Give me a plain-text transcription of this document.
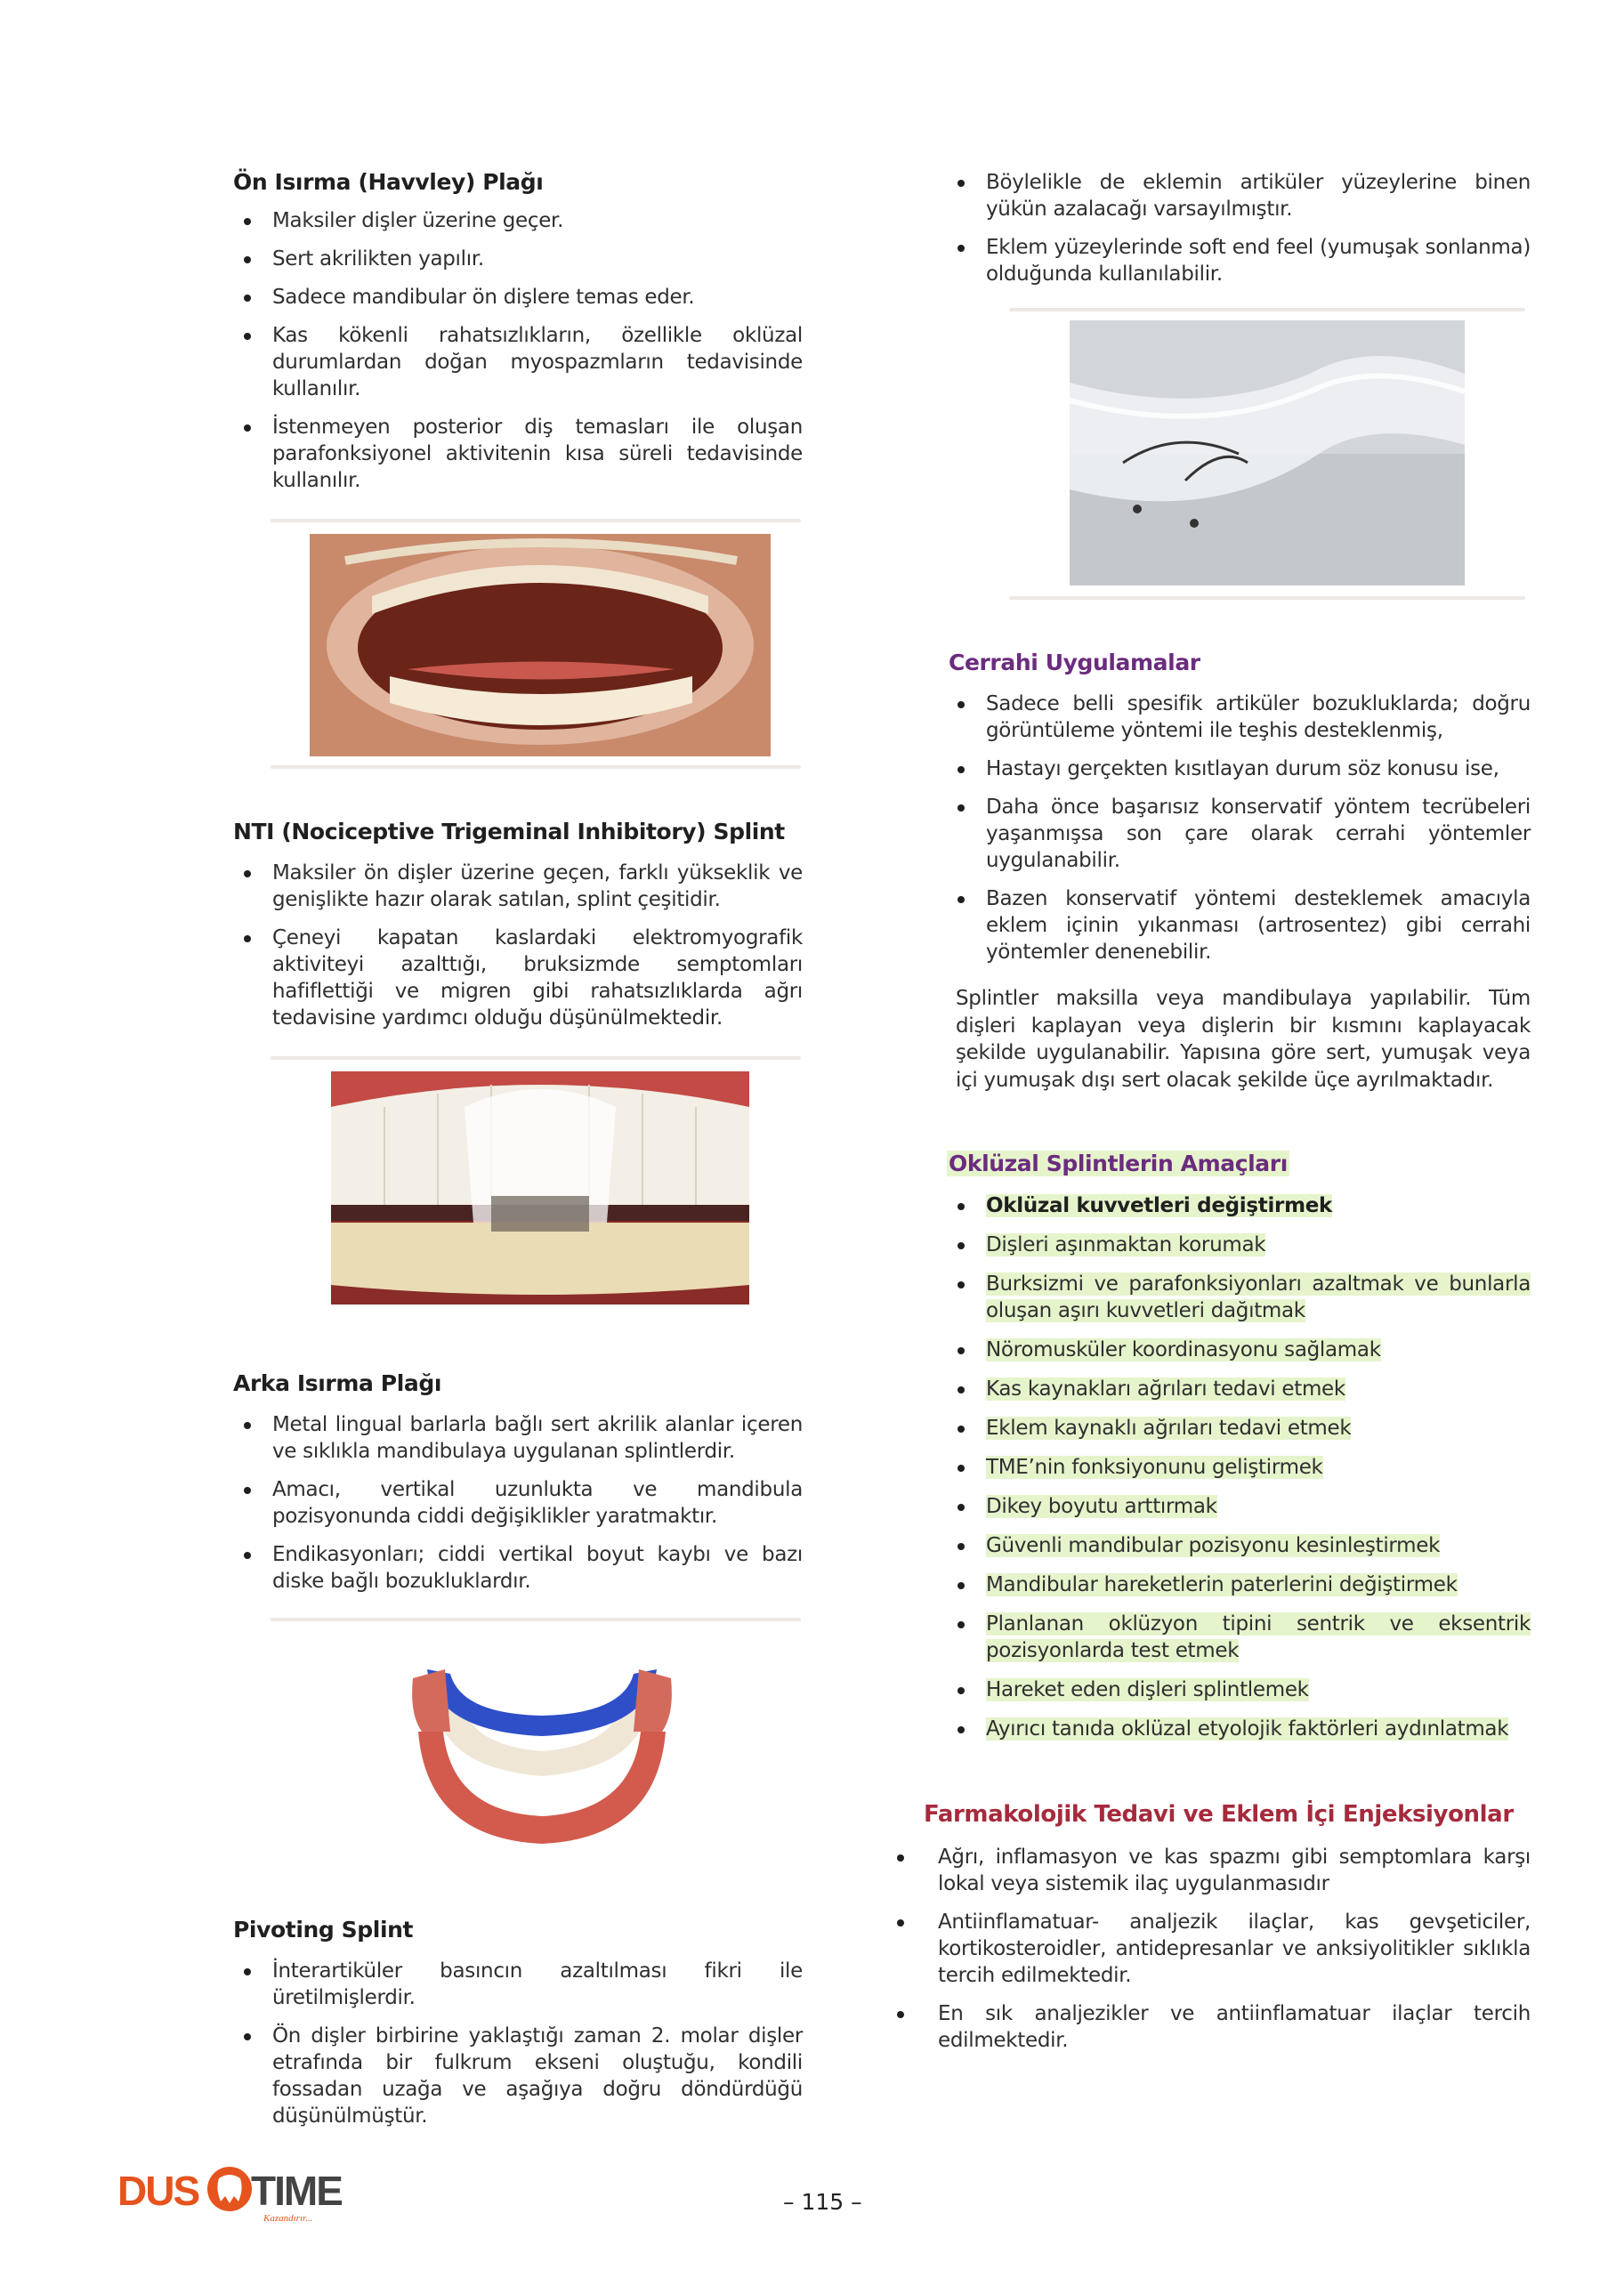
Ön Isırma (Havvley) Plağı
Maksiler dişler üzerine geçer.
Sert akrilikten yapılır.
Sadece mandibular ön dişlere temas eder.
Kas kökenli rahatsızlıkların, özellikle oklüzal durumlardan doğan myospazmların tedavisinde kullanılır.
İstenmeyen posterior diş temasları ile oluşan parafonksiyonel aktivitenin kısa süreli tedavisinde kullanılır.
NTI (Nociceptive Trigeminal Inhibitory) Splint
Maksiler ön dişler üzerine geçen, farklı yükseklik ve genişlikte hazır olarak satılan, splint çeşitidir.
Çeneyi kapatan kaslardaki elektromyografik aktiviteyi azalttığı, bruksizmde semptomları hafiflettiği ve migren gibi rahatsızlıklarda ağrı tedavisine yardımcı olduğu düşünülmektedir.
Arka Isırma Plağı
Metal lingual barlarla bağlı sert akrilik alanlar içeren ve sıklıkla mandibulaya uygulanan splintlerdir.
Amacı, vertikal uzunlukta ve mandibula pozisyonunda ciddi değişiklikler yaratmaktır.
Endikasyonları; ciddi vertikal boyut kaybı ve bazı diske bağlı bozukluklardır.
Pivoting Splint
İnterartiküler basıncın azaltılması fikri ile üretilmişlerdir.
Ön dişler birbirine yaklaştığı zaman 2. molar dişler etrafında bir fulkrum ekseni oluştuğu, kondili fossadan uzağa ve aşağıya doğru döndürdüğü düşünülmüştür.
Böylelikle de eklemin artiküler yüzeylerine binen yükün azalacağı varsayılmıştır.
Eklem yüzeylerinde soft end feel (yumuşak sonlanma) olduğunda kullanılabilir.
Cerrahi Uygulamalar
Sadece belli spesifik artiküler bozukluklarda; doğru görüntüleme yöntemi ile teşhis desteklenmiş,
Hastayı gerçekten kısıtlayan durum söz konusu ise,
Daha önce başarısız konservatif yöntem tecrübeleri yaşanmışsa son çare olarak cerrahi yöntemler uygulanabilir.
Bazen konservatif yöntemi desteklemek amacıyla eklem içinin yıkanması (artrosentez) gibi cerrahi yöntemler denenebilir.

Splintler maksilla veya mandibulaya yapılabilir. Tüm dişleri kaplayan veya dişlerin bir kısmını kaplayacak şekilde uygulanabilir. Yapısına göre sert, yumuşak veya içi yumuşak dışı sert olacak şekilde üçe ayrılmaktadır.

Oklüzal Splintlerin Amaçları
Oklüzal kuvvetleri değiştirmek
Dişleri aşınmaktan korumak
Burksizmi ve parafonksiyonları azaltmak ve bunlarla oluşan aşırı kuvvetleri dağıtmak
Nöromusküler koordinasyonu sağlamak
Kas kaynakları ağrıları tedavi etmek
Eklem kaynaklı ağrıları tedavi etmek
TME’nin fonksiyonunu geliştirmek
Dikey boyutu arttırmak
Güvenli mandibular pozisyonu kesinleştirmek
Mandibular hareketlerin paterlerini değiştirmek
Planlanan oklüzyon tipini sentrik ve eksentrik pozisyonlarda test etmek
Hareket eden dişleri splintlemek
Ayırıcı tanıda oklüzal etyolojik faktörleri aydınlatmak
Farmakolojik Tedavi ve Eklem İçi Enjeksiyonlar
Ağrı, inflamasyon ve kas spazmı gibi semptomlara karşı lokal veya sistemik ilaç uygulanmasıdır
Antiinflamatuar- analjezik ilaçlar, kas gevşeticiler, kortikosteroidler, antidepresanlar ve anksiyolitikler sıklıkla tercih edilmektedir.
En sık analjezikler ve antiinflamatuar ilaçlar tercih edilmektedir.
DUS TIME
Kazandırır...
– 115 –
